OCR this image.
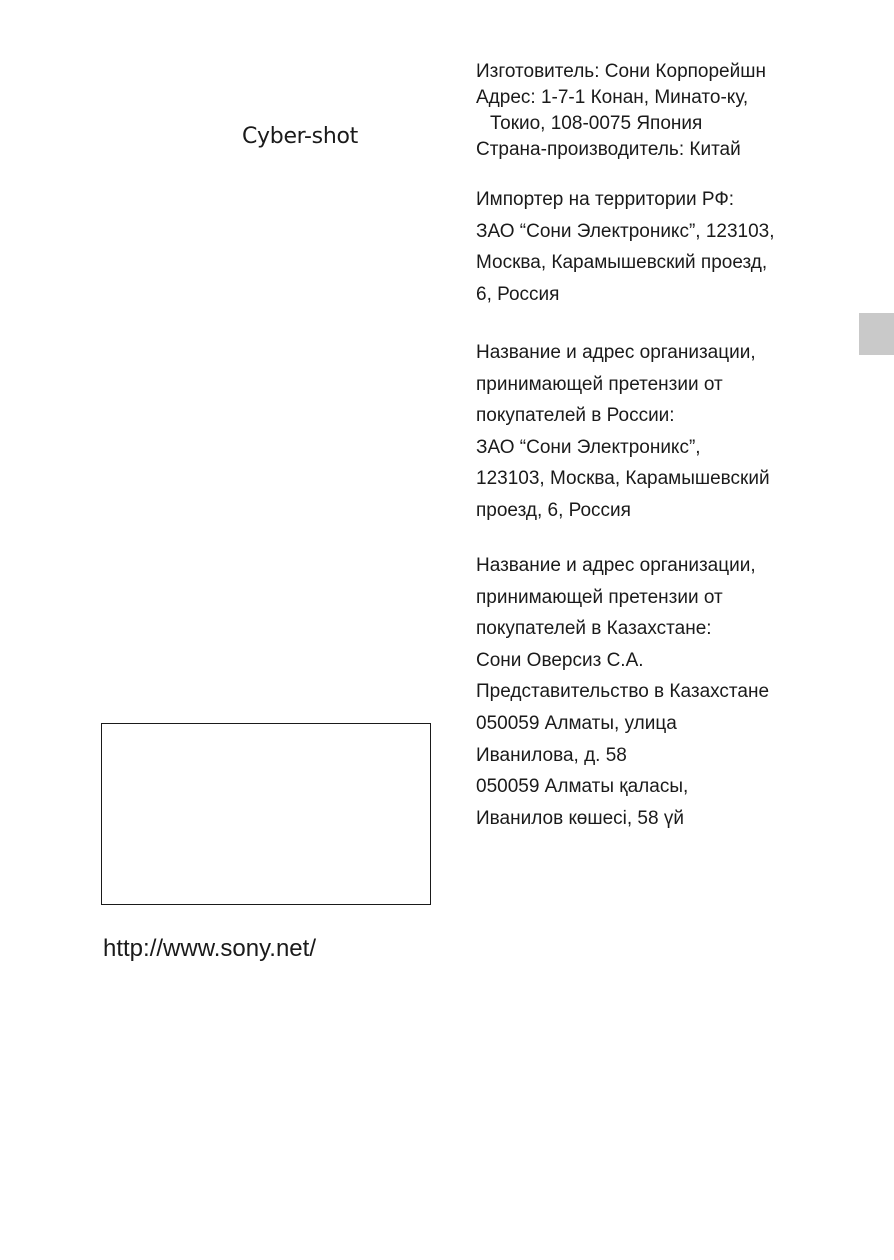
Cyber-shot

Изготовитель: Сони Корпорейшн

Адрес: 1-7-1 Конан, Минато-ку,

Токио, 108-0075 Япония

Страна-производитель: Китай

Импортер на территории РФ:

ЗАО “Сони Электроникс”, 123103,

Москва, Карамышевский проезд,

6, Россия

Название и адрес организации,

принимающей претензии от

покупателей в России:

ЗАО “Сони Электроникс”,

123103, Москва, Карамышевский

проезд, 6, Россия

Название и адрес организации,

принимающей претензии от

покупателей в Казахстане:

Сони Оверсиз С.А.

Представительство в Казахстане

050059 Алматы, улица

Иванилова, д. 58

050059 Алматы қаласы,

Иванилов көшесі, 58 үй

http://www.sony.net/
